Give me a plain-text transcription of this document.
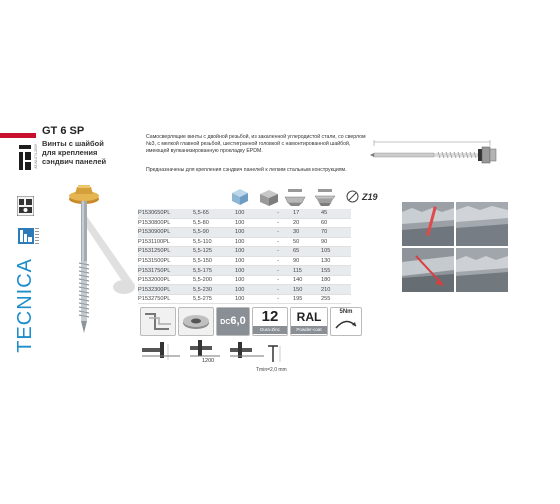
GT 6 SP
Винты с шайбой для крепления сэндвич панелей
AT-NI-074-2009
TECNICA
Самосверлящие винты с двойной резьбой, из закаленной углеродистой стали, со сверлом №3, с мелкой главной резьбой, шестигранной головкой с намонтированной шайбой, имеющей вулканизированную прокладку EPDM.
Предназначены для крепления сэндвич панелей к легким стальным конструкциям.
Z19
P1530650PL	5,5-65	100	-	17	45
P1530800PL	5,5-80	100	-	20	60
P1530900PL	5,5-90	100	-	30	70
P1531100PL	5,5-110	100	-	50	90
P1531250PL	5,5-125	100	-	65	105
P1531500PL	5,5-150	100	-	90	130
P1531750PL	5,5-175	100	-	115	155
P1532000PL	5,5-200	100	-	140	180
P1532300PL	5,5-230	100	-	150	210
P1532750PL	5,5-275	100	-	195	255
DC6,0	12
Dura-Zinc
RAL
Powder-coat
5Nm
1200
Tmin=2,0 mm
